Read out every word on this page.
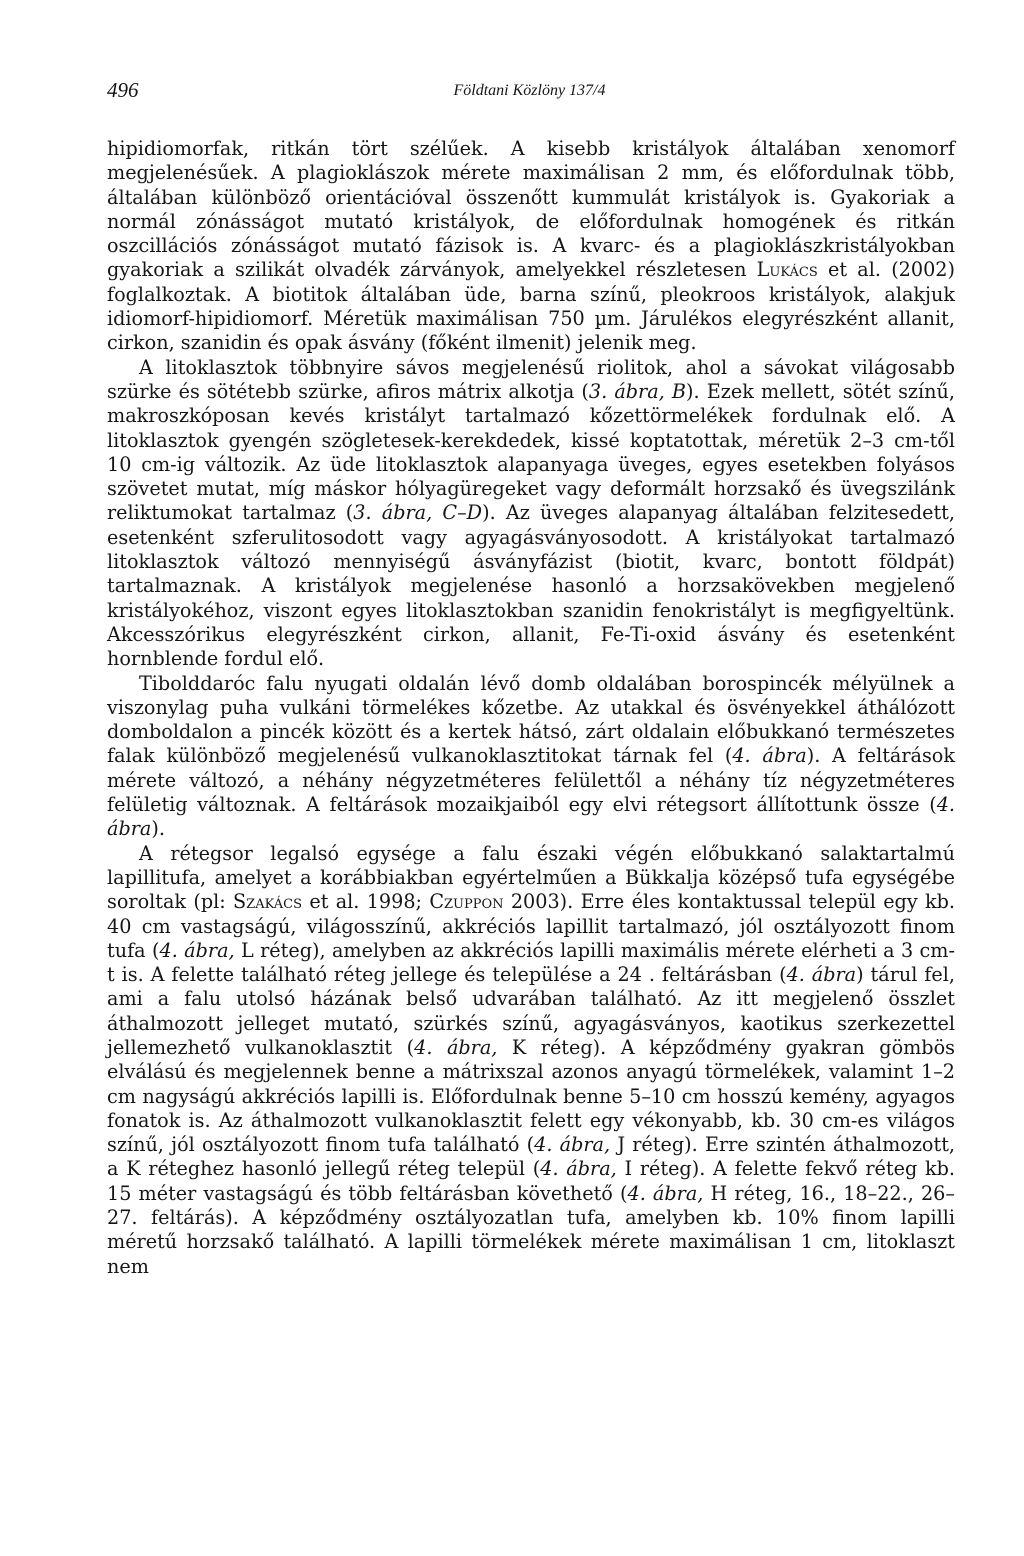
496	Földtani Közlöny 137/4

hipidiomorfak, ritkán tört szélűek. A kisebb kristályok általában xenomorf megjelenésűek. A plagioklászok mérete maximálisan 2 mm, és előfordulnak több, általában különböző orientációval összenőtt kummulát kristályok is. Gyakoriak a normál zónásságot mutató kristályok, de előfordulnak homogének és ritkán oszcillációs zónásságot mutató fázisok is. A kvarc- és a plagioklászkristályokban gyakoriak a szilikát olvadék zárványok, amelyekkel részletesen Lukács et al. (2002) foglalkoztak. A biotitok általában üde, barna színű, pleokroos kristályok, alakjuk idiomorf-hipidiomorf. Méretük maximálisan 750 µm. Járulékos elegyrészként allanit, cirkon, szanidin és opak ásvány (főként ilmenit) jelenik meg.

A litoklasztok többnyire sávos megjelenésű riolitok, ahol a sávokat világosabb szürke és sötétebb szürke, afiros mátrix alkotja (3. ábra, B). Ezek mellett, sötét színű, makroszkóposan kevés kristályt tartalmazó kőzettörmelékek fordulnak elő. A litoklasztok gyengén szögletesek-kerekdedek, kissé koptatottak, méretük 2–3 cm-től 10 cm-ig változik. Az üde litoklasztok alapanyaga üveges, egyes esetekben folyásos szövetet mutat, míg máskor hólyagüregeket vagy deformált horzsakő és üvegszilánk reliktumokat tartalmaz (3. ábra, C–D). Az üveges alapanyag általában felzitesedett, esetenként szferulitosodott vagy agyagásványosodott. A kristályokat tartalmazó litoklasztok változó mennyiségű ásványfázist (biotit, kvarc, bontott földpát) tartalmaznak. A kristályok megjelenése hasonló a horzsakövekben megjelenő kristályokéhoz, viszont egyes litoklasztokban szanidin fenokristályt is megfigyeltünk. Akcesszórikus elegyrészként cirkon, allanit, Fe-Ti-oxid ásvány és esetenként hornblende fordul elő.

Tibolddaróc falu nyugati oldalán lévő domb oldalában borospincék mélyülnek a viszonylag puha vulkáni törmelékes kőzetbe. Az utakkal és ösvényekkel áthálózott domboldalon a pincék között és a kertek hátsó, zárt oldalain előbukkanó természetes falak különböző megjelenésű vulkanoklasztitokat tárnak fel (4. ábra). A feltárások mérete változó, a néhány négyzetméteres felülettől a néhány tíz négyzetméteres felületig változnak. A feltárások mozaikjaiból egy elvi rétegsort állítottunk össze (4. ábra).

A rétegsor legalsó egysége a falu északi végén előbukkanó salaktartalmú lapillitufa, amelyet a korábbiakban egyértelműen a Bükkalja középső tufa egységébe soroltak (pl: Szakács et al. 1998; Czuppon 2003). Erre éles kontaktussal települ egy kb. 40 cm vastagságú, világosszínű, akkréciós lapillit tartalmazó, jól osztályozott finom tufa (4. ábra, L réteg), amelyben az akkréciós lapilli maximális mérete elérheti a 3 cm-t is. A felette található réteg jellege és települése a 24 . feltárásban (4. ábra) tárul fel, ami a falu utolsó házának belső udvarában található. Az itt megjelenő összlet áthalmozott jelleget mutató, szürkés színű, agyagásványos, kaotikus szerkezettel jellemezhető vulkanoklasztit (4. ábra, K réteg). A képződmény gyakran gömbös elválású és megjelennek benne a mátrixszal azonos anyagú törmelékek, valamint 1–2 cm nagyságú akkréciós lapilli is. Előfordulnak benne 5–10 cm hosszú kemény, agyagos fonatok is. Az áthalmozott vulkanoklasztit felett egy vékonyabb, kb. 30 cm-es világos színű, jól osztályozott finom tufa található (4. ábra, J réteg). Erre szintén áthalmozott, a K réteghez hasonló jellegű réteg települ (4. ábra, I réteg). A felette fekvő réteg kb. 15 méter vastagságú és több feltárásban követhető (4. ábra, H réteg, 16., 18–22., 26–27. feltárás). A képződmény osztályozatlan tufa, amelyben kb. 10% finom lapilli méretű horzsakő található. A lapilli törmelékek mérete maximálisan 1 cm, litoklaszt nem
